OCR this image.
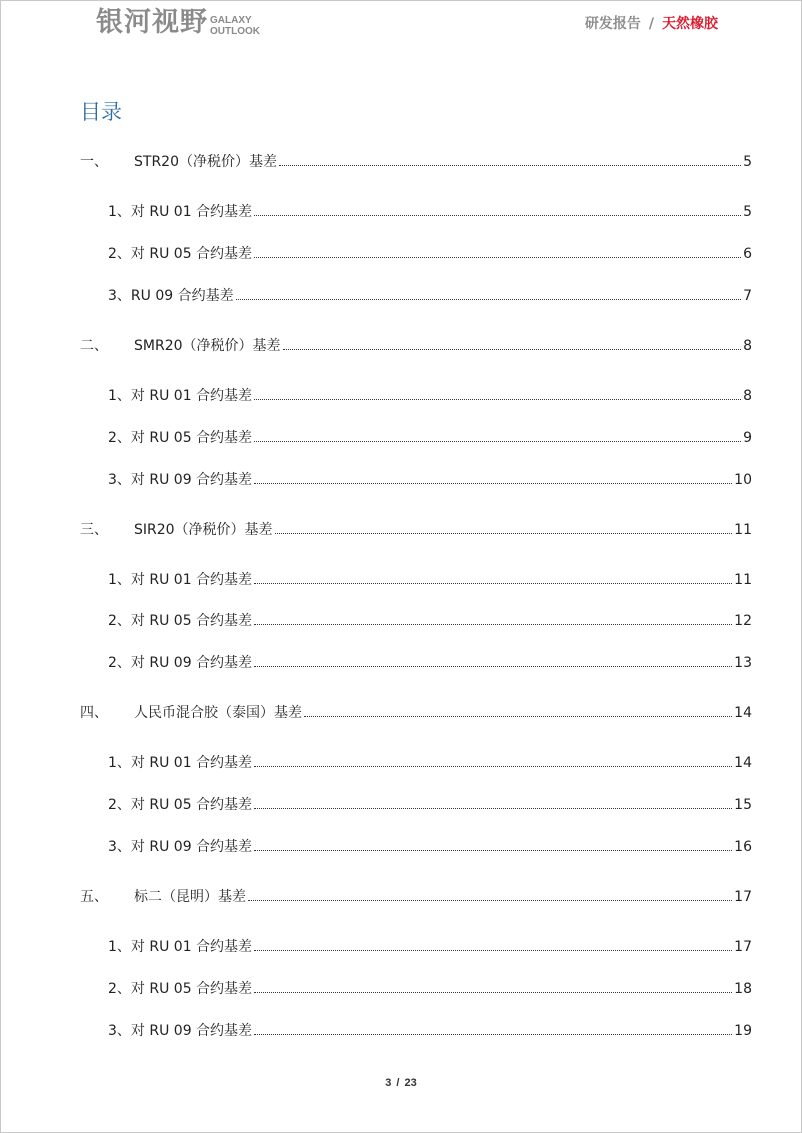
银河视野 GALAXY
OUTLOOK	研发报告 / 天然橡胶
目录
一、	STR20（净税价）基差	5
1、对 RU 01 合约基差	5
2、对 RU 05 合约基差	6
3、RU 09 合约基差	7
二、	SMR20（净税价）基差	8
1、对 RU 01 合约基差	8
2、对 RU 05 合约基差	9
3、对 RU 09 合约基差	10
三、	SIR20（净税价）基差	11
1、对 RU 01 合约基差	11
2、对 RU 05 合约基差	12
2、对 RU 09 合约基差	13
四、	人民币混合胶（泰国）基差	14
1、对 RU 01 合约基差	14
2、对 RU 05 合约基差	15
3、对 RU 09 合约基差	16
五、	标二（昆明）基差	17
1、对 RU 01 合约基差	17
2、对 RU 05 合约基差	18
3、对 RU 09 合约基差	19
3 / 23
